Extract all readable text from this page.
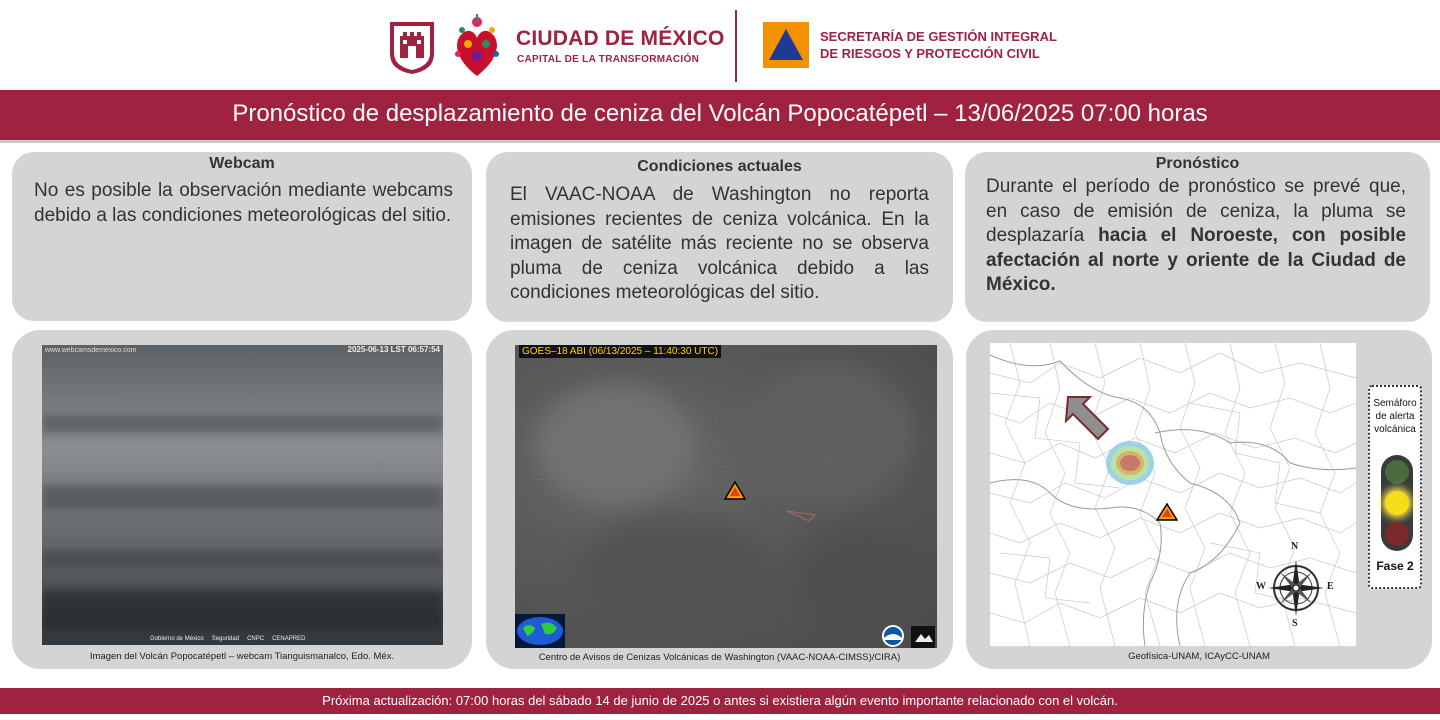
CIUDAD DE MÉXICO
CAPITAL DE LA TRANSFORMACIÓN
SECRETARÍA DE GESTIÓN INTEGRAL
DE RIESGOS Y PROTECCIÓN CIVIL
Pronóstico de desplazamiento de ceniza del Volcán Popocatépetl – 13/06/2025 07:00 horas
Webcam
No es posible la observación mediante webcams debido a las condiciones meteorológicas del sitio.
Condiciones actuales
El VAAC-NOAA de Washington no reporta emisiones recientes de ceniza volcánica. En la imagen de satélite más reciente no se observa pluma de ceniza volcánica debido a las condiciones meteorológicas del sitio.
Pronóstico
Durante el período de pronóstico se prevé que, en caso de emisión de ceniza, la pluma se desplazaría hacia el Noroeste, con posible afectación al norte y oriente de la Ciudad de México.
Imagen del Volcán Popocatépetl – webcam Tianguismanalco, Edo. Méx.
www.webcamsdemexico.com	2025-06-13 LST 06:57:54
Gobierno de México Seguridad CNPC CENAPRED
Centro de Avisos de Cenizas Volcánicas de Washington (VAAC-NOAA-CIMSS)/CIRA)
GOES–18 ABI (06/13/2025 – 11:40:30 UTC)
·····
····
·····
·····
········
······
N
S
E
W
Geofísica-UNAM, ICAyCC-UNAM
Semáforo
de alerta
volcánica
Fase 2
Próxima actualización: 07:00 horas del sábado 14 de junio de 2025 o antes si existiera algún evento importante relacionado con el volcán.
